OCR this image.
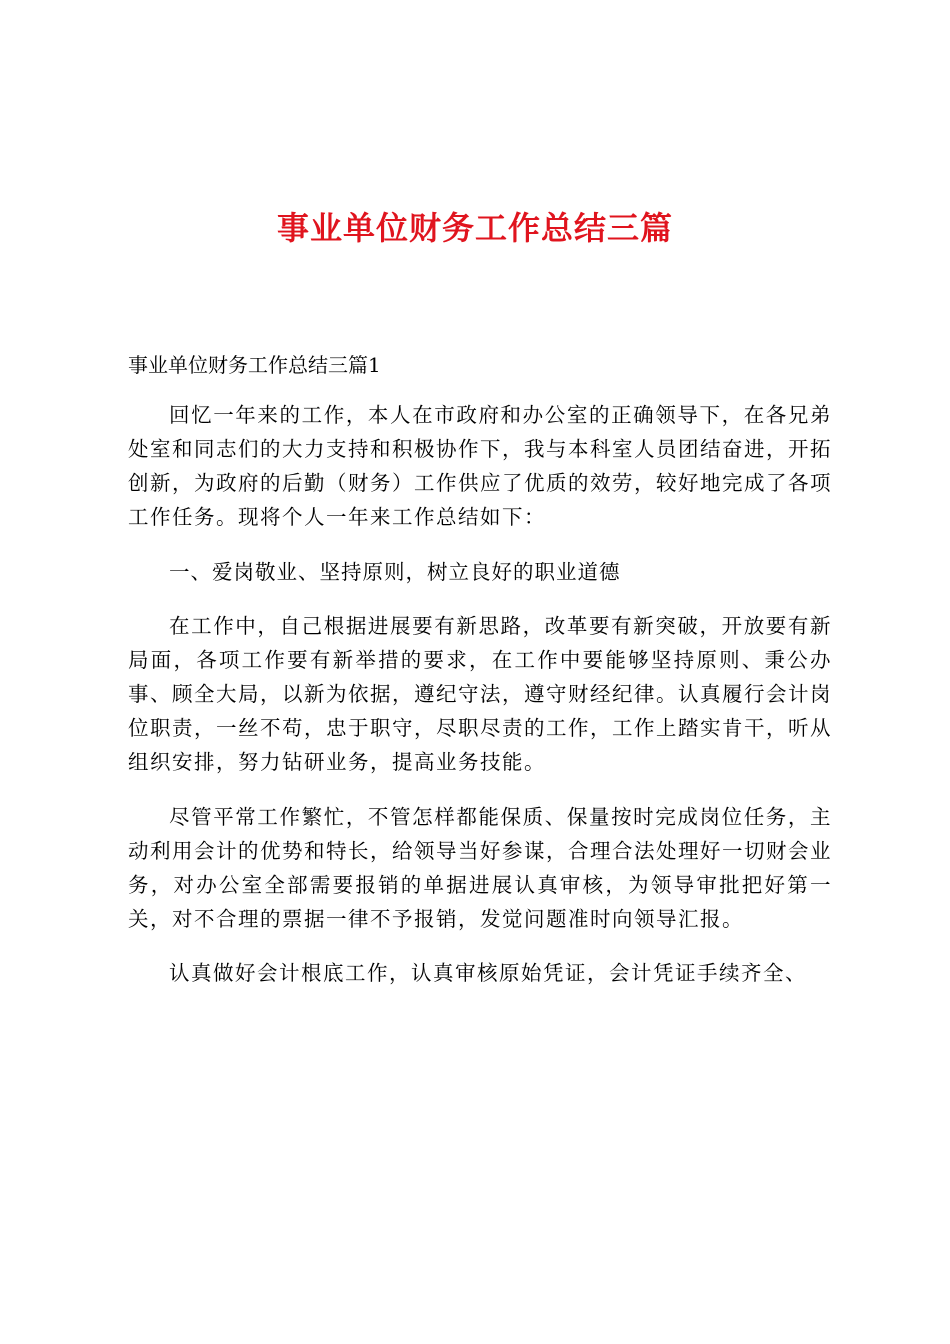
事业单位财务工作总结三篇
事业单位财务工作总结三篇1

回忆一年来的工作，本人在市政府和办公室的正确领导下，在各兄弟处室和同志们的大力支持和积极协作下，我与本科室人员团结奋进，开拓创新，为政府的后勤（财务）工作供应了优质的效劳，较好地完成了各项工作任务。现将个人一年来工作总结如下：

一、爱岗敬业、坚持原则，树立良好的职业道德

在工作中，自己根据进展要有新思路，改革要有新突破，开放要有新局面，各项工作要有新举措的要求，在工作中要能够坚持原则、秉公办事、顾全大局，以新为依据，遵纪守法，遵守财经纪律。认真履行会计岗位职责，一丝不苟，忠于职守，尽职尽责的工作，工作上踏实肯干，听从组织安排，努力钻研业务，提高业务技能。

尽管平常工作繁忙，不管怎样都能保质、保量按时完成岗位任务，主动利用会计的优势和特长，给领导当好参谋，合理合法处理好一切财会业务，对办公室全部需要报销的单据进展认真审核，为领导审批把好第一关，对不合理的票据一律不予报销，发觉问题准时向领导汇报。

认真做好会计根底工作，认真审核原始凭证，会计凭证手续齐全、
